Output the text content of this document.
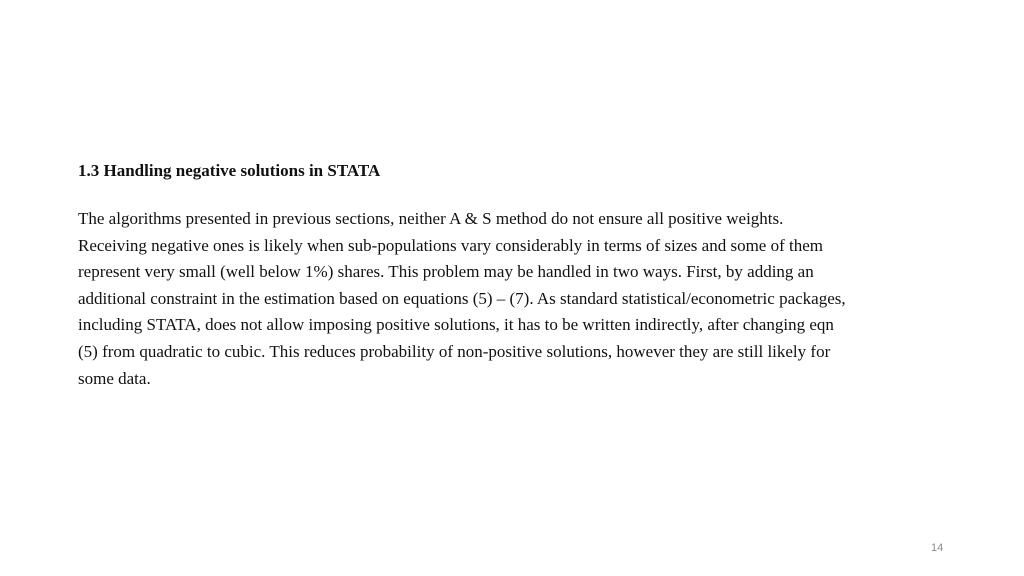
1.3 Handling negative solutions in STATA
The algorithms presented in previous sections, neither A & S method do not ensure all positive weights.
Receiving negative ones is likely when sub-populations vary considerably in terms of sizes and some of them
represent very small (well below 1%) shares. This problem may be handled in two ways. First, by adding an
additional constraint in the estimation based on equations (5) – (7). As standard statistical/econometric packages,
including STATA, does not allow imposing positive solutions, it has to be written indirectly, after changing eqn
(5) from quadratic to cubic. This reduces probability of non-positive solutions, however they are still likely for
some data.
14
